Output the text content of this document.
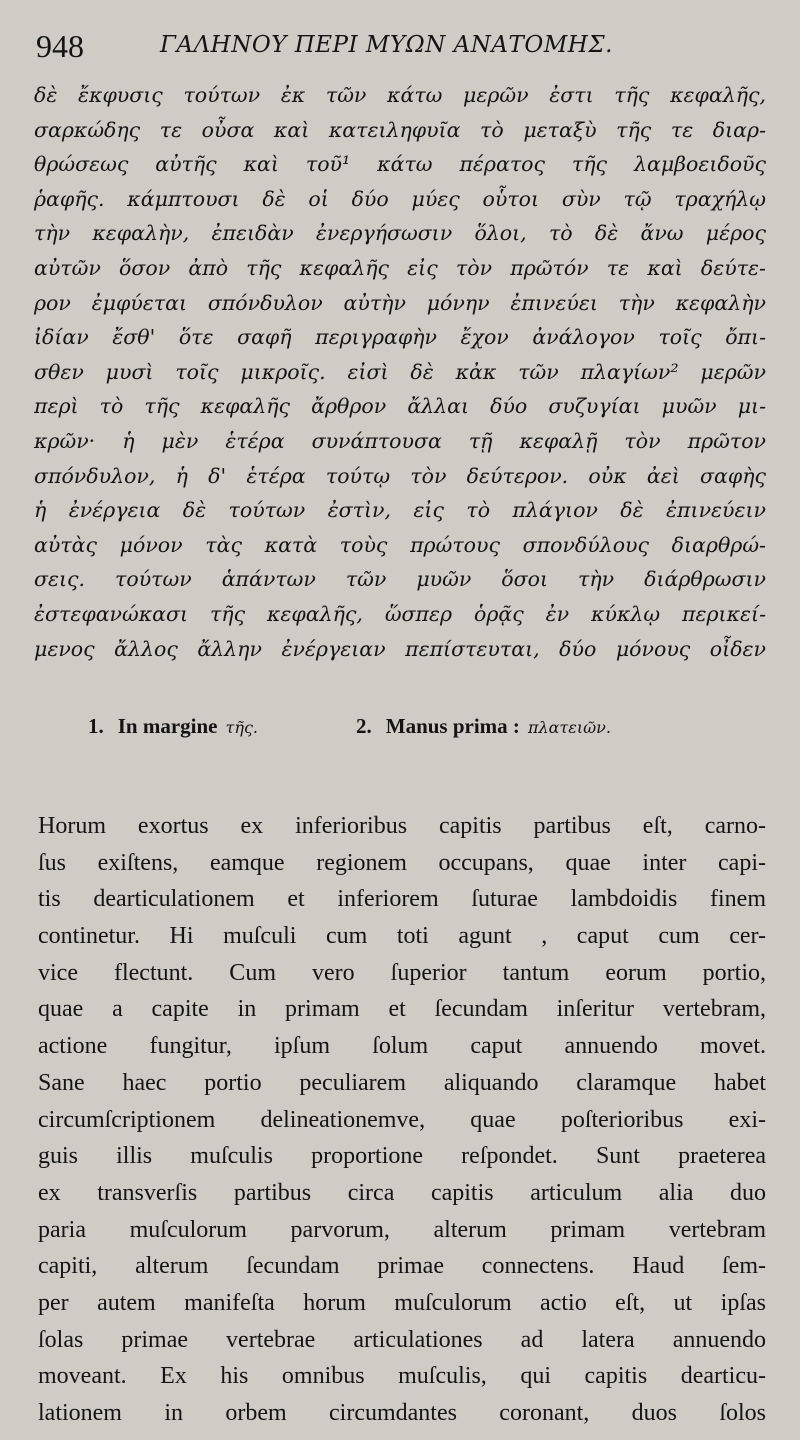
948	ΓΑΛΗΝΟΥ ΠΕΡΙ ΜΥΩΝ ΑΝΑΤΟΜΗΣ.
δὲ ἔκφυσις τούτων ἐκ τῶν κάτω μερῶν ἐστι τῆς κεφαλῆς,
σαρκώδης τε οὖσα καὶ κατειληφυῖα τὸ μεταξὺ τῆς τε διαρ-
θρώσεως αὐτῆς καὶ τοῦ¹ κάτω πέρατος τῆς λαμβοειδοῦς
ῥαφῆς. κάμπτουσι δὲ οἱ δύο μύες οὗτοι σὺν τῷ τραχήλῳ
τὴν κεφαλὴν, ἐπειδὰν ἐνεργήσωσιν ὅλοι, τὸ δὲ ἄνω μέρος
αὐτῶν ὅσον ἀπὸ τῆς κεφαλῆς εἰς τὸν πρῶτόν τε καὶ δεύτε-
ρον ἐμφύεται σπόνδυλον αὐτὴν μόνην ἐπινεύει τὴν κεφαλὴν
ἰδίαν ἔσθ' ὅτε σαφῆ περιγραφὴν ἔχον ἀνάλογον τοῖς ὄπι-
σθεν μυσὶ τοῖς μικροῖς. εἰσὶ δὲ κἀκ τῶν πλαγίων² μερῶν
περὶ τὸ τῆς κεφαλῆς ἄρθρον ἄλλαι δύο συζυγίαι μυῶν μι-
κρῶν· ἡ μὲν ἑτέρα συνάπτουσα τῇ κεφαλῇ τὸν πρῶτον
σπόνδυλον, ἡ δ' ἑτέρα τούτῳ τὸν δεύτερον. οὐκ ἀεὶ σαφὴς
ἡ ἐνέργεια δὲ τούτων ἐστὶν, εἰς τὸ πλάγιον δὲ ἐπινεύειν
αὐτὰς μόνον τὰς κατὰ τοὺς πρώτους σπονδύλους διαρθρώ-
σεις. τούτων ἁπάντων τῶν μυῶν ὅσοι τὴν διάρθρωσιν
ἐστεφανώκασι τῆς κεφαλῆς, ὥσπερ ὁρᾷς ἐν κύκλῳ περικεί-
μενος ἄλλος ἄλλην ἐνέργειαν πεπίστευται, δύο μόνους οἶδεν
1. In margine τῆς.	2. Manus prima : πλατειῶν.
Horum exortus ex inferioribus capitis partibus eſt, carno-
ſus exiſtens, eamque regionem occupans, quae inter capi-
tis dearticulationem et inferiorem ſuturae lambdoidis finem
continetur. Hi muſculi cum toti agunt , caput cum cer-
vice flectunt. Cum vero ſuperior tantum eorum portio,
quae a capite in primam et ſecundam inſeritur vertebram,
actione fungitur, ipſum ſolum caput annuendo movet.
Sane haec portio peculiarem aliquando claramque habet
circumſcriptionem delineationemve, quae poſterioribus exi-
guis illis muſculis proportione reſpondet. Sunt praeterea
ex transverſis partibus circa capitis articulum alia duo
paria muſculorum parvorum, alterum primam vertebram
capiti, alterum ſecundam primae connectens. Haud ſem-
per autem manifeſta horum muſculorum actio eſt, ut ipſas
ſolas primae vertebrae articulationes ad latera annuendo
moveant. Ex his omnibus muſculis, qui capitis dearticu-
lationem in orbem circumdantes coronant, duos ſolos
